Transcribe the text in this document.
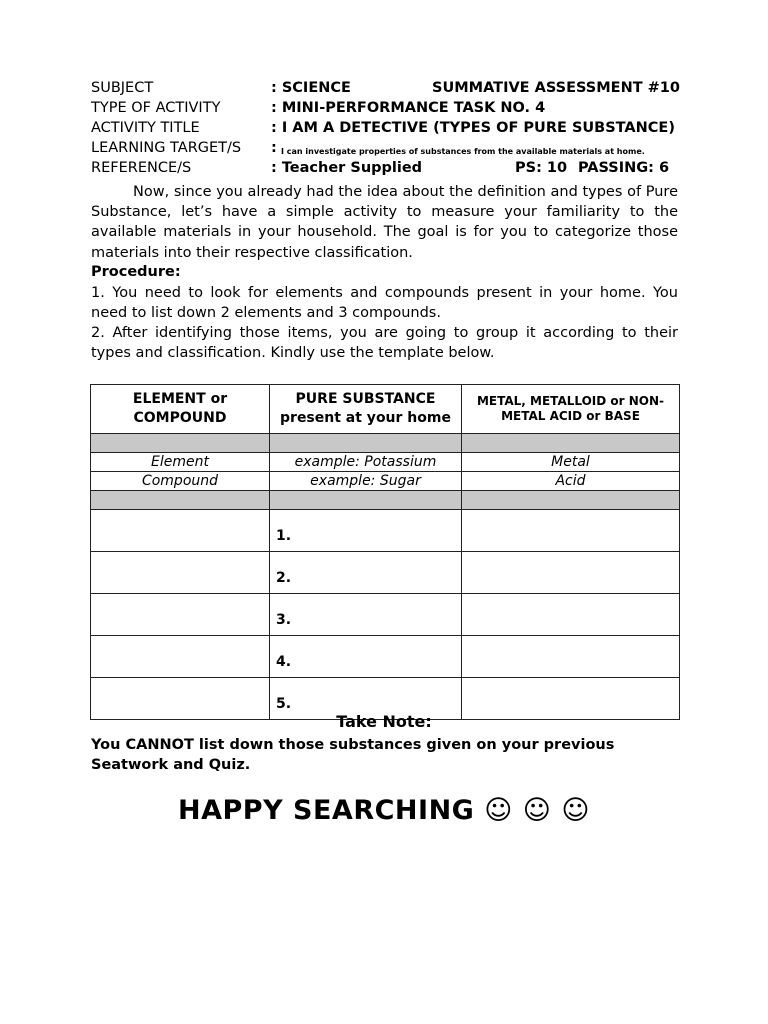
SUBJECT	: SCIENCE	SUMMATIVE ASSESSMENT #10
TYPE OF ACTIVITY	: MINI-PERFORMANCE TASK NO. 4
ACTIVITY TITLE	: I AM A DETECTIVE (TYPES OF PURE SUBSTANCE)
LEARNING TARGET/S : I can investigate properties of substances from the available materials at home.
REFERENCE/S	: Teacher Supplied	PS: 10 PASSING: 6
Now, since you already had the idea about the definition and types of Pure Substance, let’s have a simple activity to measure your familiarity to the available materials in your household. The goal is for you to categorize those materials into their respective classification.
Procedure:
1. You need to look for elements and compounds present in your home. You need to list down 2 elements and 3 compounds.
2. After identifying those items, you are going to group it according to their types and classification. Kindly use the template below.
ELEMENT or COMPOUND	PURE SUBSTANCE present at your home	METAL, METALLOID or NON-METAL ACID or BASE

Element	example: Potassium	Metal
Compound	example: Sugar	Acid

	1.	
	2.	
	3.	
	4.	
	5.	
Take Note:
You CANNOT list down those substances given on your previous Seatwork and Quiz.
HAPPY SEARCHING ☺ ☺ ☺
